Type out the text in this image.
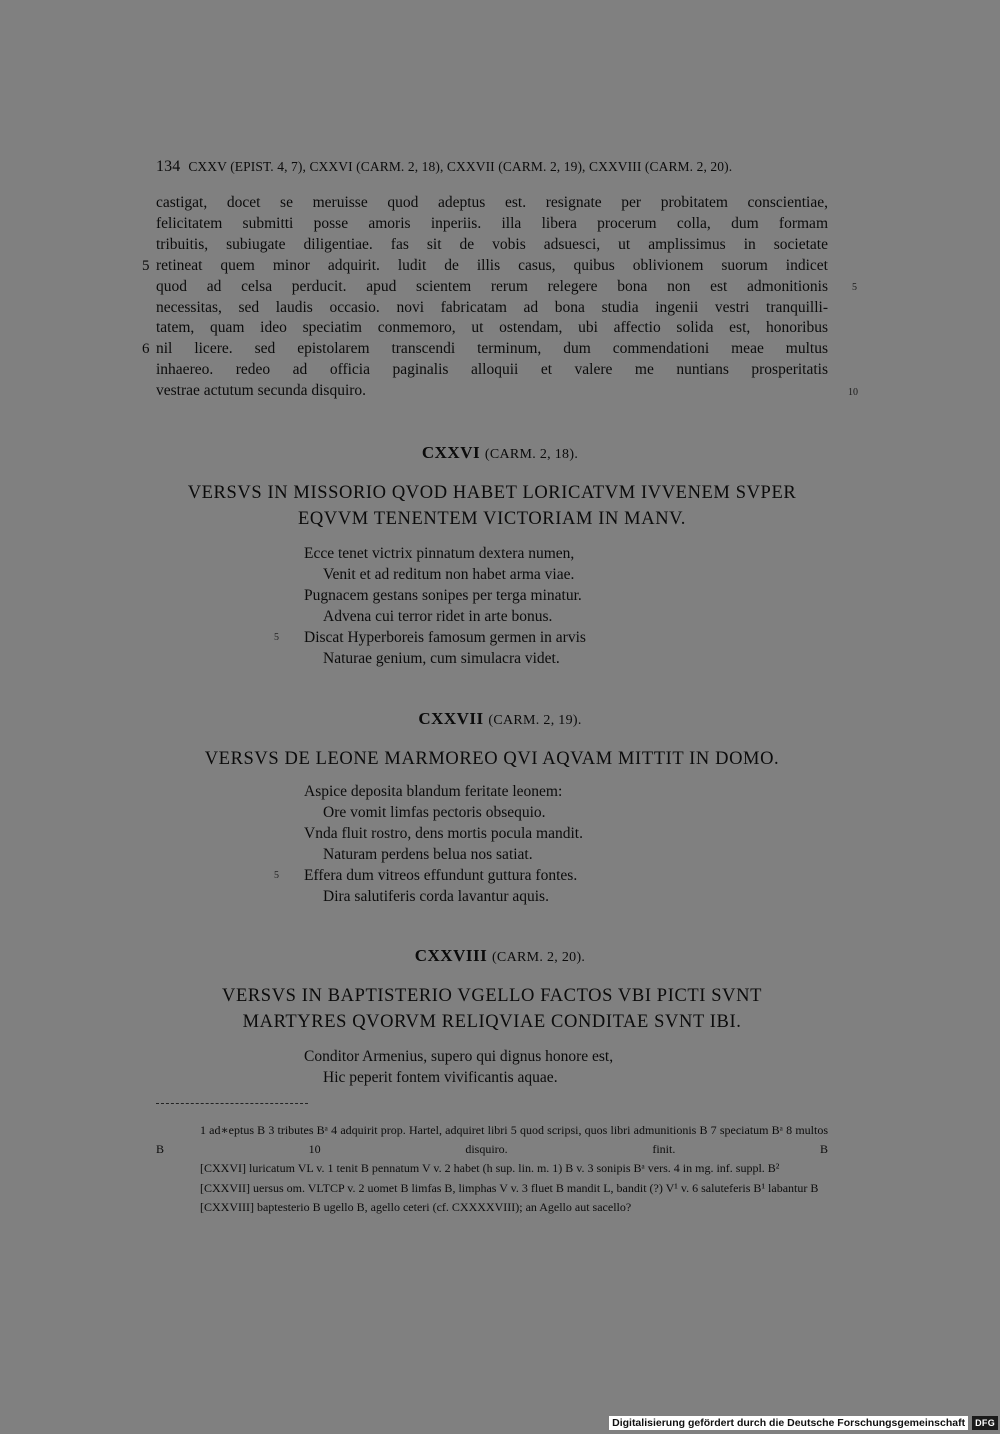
134 CXXV (EPIST. 4, 7), CXXVI (CARM. 2, 18), CXXVII (CARM. 2, 19), CXXVIII (CARM. 2, 20).
castigat, docet se meruisse quod adeptus est. resignate per probitatem conscientiae,
felicitatem submitti posse amoris inperiis. illa libera procerum colla, dum formam
tribuitis, subiugate diligentiae. fas sit de vobis adsuesci, ut amplissimus in societate
5 retineat quem minor adquirit. ludit de illis casus, quibus oblivionem suorum indicet
quod ad celsa perducit. apud scientem rerum relegere bona non est admonitionis
necessitas, sed laudis occasio. novi fabricatam ad bona studia ingenii vestri tranquilli-
tatem, quam ideo speciatim conmemoro, ut ostendam, ubi affectio solida est, honoribus
6 nil licere. sed epistolarem transcendi terminum, dum commendationi meae multus
inhaereo. redeo ad officia paginalis alloquii et valere me nuntians prosperitatis
vestrae actutum secunda disquiro.
5
10
CXXVI (CARM. 2, 18).
VERSVS IN MISSORIO QVOD HABET LORICATVM IVVENEM SVPER
EQVVM TENENTEM VICTORIAM IN MANV.
Ecce tenet victrix pinnatum dextera numen,
Venit et ad reditum non habet arma viae.
Pugnacem gestans sonipes per terga minatur.
Advena cui terror ridet in arte bonus.
5 Discat Hyperboreis famosum germen in arvis
Naturae genium, cum simulacra videt.
CXXVII (CARM. 2, 19).
VERSVS DE LEONE MARMOREO QVI AQVAM MITTIT IN DOMO.
Aspice deposita blandum feritate leonem:
Ore vomit limfas pectoris obsequio.
Vnda fluit rostro, dens mortis pocula mandit.
Naturam perdens belua nos satiat.
5 Effera dum vitreos effundunt guttura fontes.
Dira salutiferis corda lavantur aquis.
CXXVIII (CARM. 2, 20).
VERSVS IN BAPTISTERIO VGELLO FACTOS VBI PICTI SVNT
MARTYRES QVORVM RELIQVIAE CONDITAE SVNT IBI.
Conditor Armenius, supero qui dignus honore est,
Hic peperit fontem vivificantis aquae.
1 ad∗eptus B 3 tributes Bᵃ 4 adquirit prop. Hartel, adquiret libri 5 quod scripsi, quos libri admunitionis B 7 speciatum Bᵃ 8 multos B 10 disquiro. finit. B
[CXXVI] luricatum VL v. 1 tenit B pennatum V v. 2 habet (h sup. lin. m. 1) B v. 3 sonipis Bᵃ vers. 4 in mg. inf. suppl. B²
[CXXVII] uersus om. VLTCP v. 2 uomet B limfas B, limphas V v. 3 fluet B mandit L, bandit (?) V¹ v. 6 saluteferis B¹ labantur B
[CXXVIII] baptesterio B ugello B, agello ceteri (cf. CXXXXVIII); an Agello aut sacello?
Digitalisierung gefördert durch die Deutsche Forschungsgemeinschaft	DFG
